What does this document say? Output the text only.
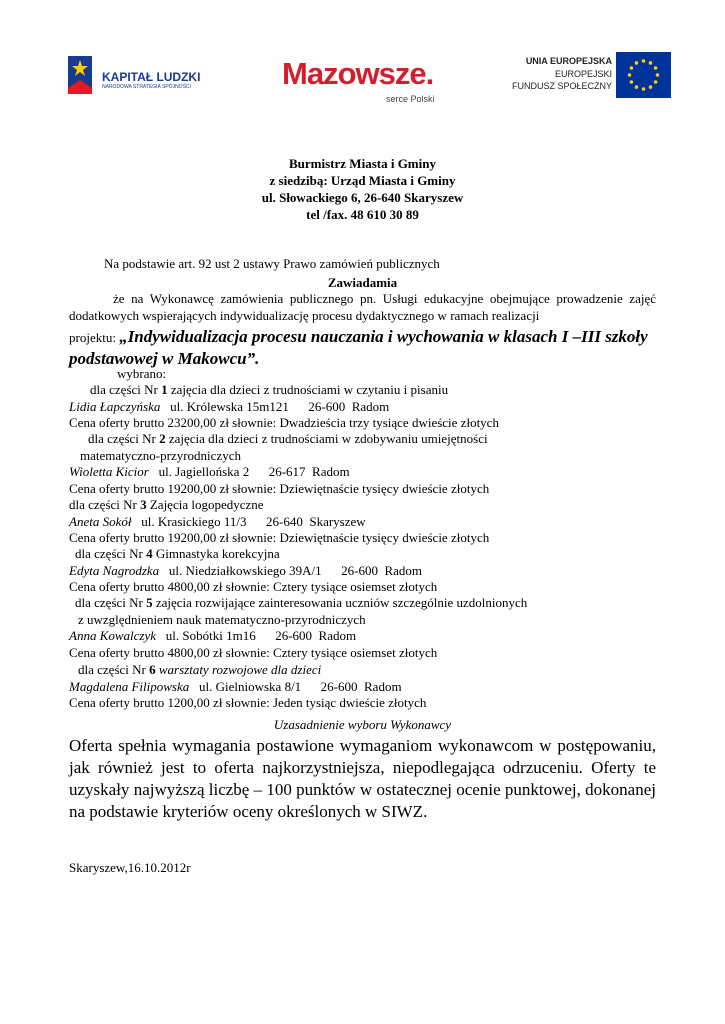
KAPITAŁ LUDZKI
NARODOWA STRATEGIA SPÓJNOŚCI	Mazowsze.
serce Polski
UNIA EUROPEJSKA
EUROPEJSKI
FUNDUSZ SPOŁECZNY
Burmistrz Miasta i Gminy
z siedzibą: Urząd Miasta i Gminy
ul. Słowackiego 6, 26-640 Skaryszew
tel /fax. 48 610 30 89
Na podstawie art. 92 ust 2 ustawy Prawo zamówień publicznych
Zawiadamia
że na Wykonawcę zamówienia publicznego pn. Usługi edukacyjne obejmujące prowadzenie zajęć dodatkowych wspierających indywidualizację procesu dydaktycznego w ramach realizacji
projektu: „Indywidualizacja procesu nauczania i wychowania w klasach I –III szkoły podstawowej w Makowcu”.
wybrano:
dla części Nr 1 zajęcia dla dzieci z trudnościami w czytaniu i pisaniu
Lidia Łapczyńska   ul. Królewska 15m121      26-600  Radom
Cena oferty brutto 23200,00 zł słownie: Dwadzieścia trzy tysiące dwieście złotych
dla części Nr 2 zajęcia dla dzieci z trudnościami w zdobywaniu umiejętności
matematyczno-przyrodniczych
Wioletta Kicior   ul. Jagiellońska 2      26-617  Radom
Cena oferty brutto 19200,00 zł słownie: Dziewiętnaście tysięcy dwieście złotych
dla części Nr 3 Zajęcia logopedyczne
Aneta Sokół   ul. Krasickiego 11/3      26-640  Skaryszew
Cena oferty brutto 19200,00 zł słownie: Dziewiętnaście tysięcy dwieście złotych
dla części Nr 4 Gimnastyka korekcyjna
Edyta Nagrodzka   ul. Niedziałkowskiego 39A/1      26-600  Radom
Cena oferty brutto 4800,00 zł słownie: Cztery tysiące osiemset złotych
dla części Nr 5 zajęcia rozwijające zainteresowania uczniów szczególnie uzdolnionych
z uwzględnieniem nauk matematyczno-przyrodniczych
Anna Kowalczyk   ul. Sobótki 1m16      26-600  Radom
Cena oferty brutto 4800,00 zł słownie: Cztery tysiące osiemset złotych
dla części Nr 6 warsztaty rozwojowe dla dzieci
Magdalena Filipowska   ul. Gielniowska 8/1      26-600  Radom
Cena oferty brutto 1200,00 zł słownie: Jeden tysiąc dwieście złotych
Uzasadnienie wyboru Wykonawcy
Oferta spełnia wymagania postawione wymaganiom wykonawcom w postępowaniu, jak również jest to oferta najkorzystniejsza, niepodlegająca odrzuceniu. Oferty te uzyskały najwyższą liczbę – 100 punktów w ostatecznej ocenie punktowej, dokonanej na podstawie kryteriów oceny określonych w SIWZ.
Skaryszew,16.10.2012r
